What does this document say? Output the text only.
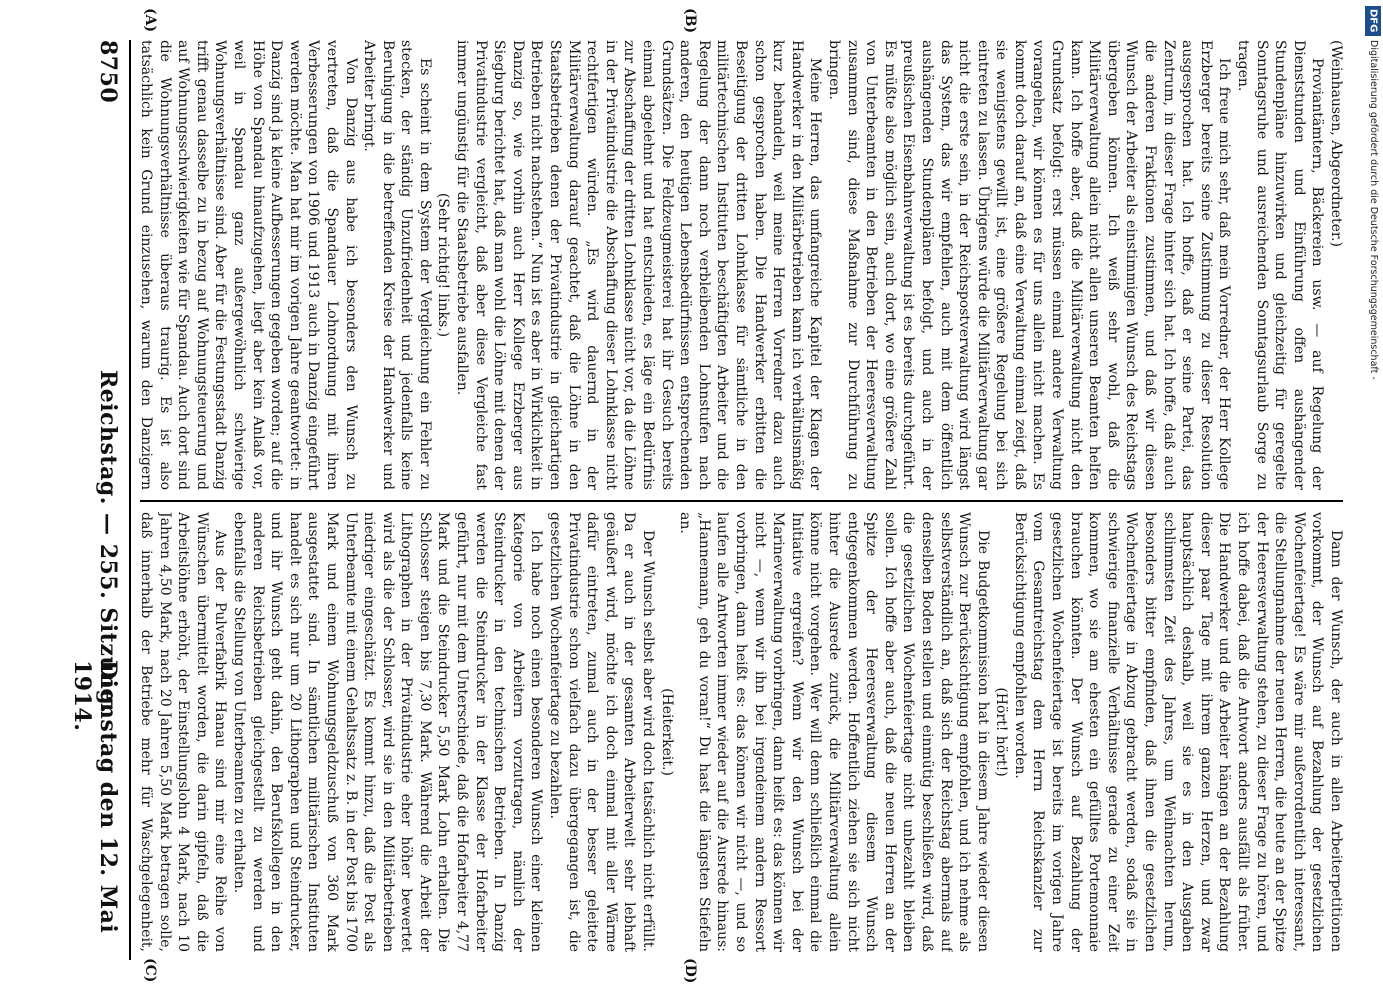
8750
Reichstag. — 255. Sitzung.
Dienstag den 12. Mai 1914.
(A)	(B)
(C)	(D)

(Weinhausen, Abgeordneter.)

Proviantämtern, Bäckereien usw. — auf Regelung der Dienststunden und Einführung offen aushängender Stundenpläne hinzuwirken und gleichzeitig für geregelte Sonntagsruhe und ausreichenden Sonntagsurlaub Sorge zu tragen.

Ich freue mich sehr, daß mein Vorredner, der Herr Kollege Erzberger bereits seine Zustimmung zu dieser Resolution ausgesprochen hat. Ich hoffe, daß er seine Partei, das Zentrum, in dieser Frage hinter sich hat. Ich hoffe, daß auch die anderen Fraktionen zustimmen, und daß wir diesen Wunsch der Arbeiter als einstimmigen Wunsch des Reichstags übergeben können. Ich weiß sehr wohl, daß die Militärverwaltung allein nicht allen unseren Beamten helfen kann. Ich hoffe aber, daß die Militärverwaltung nicht den Grundsatz befolgt: erst müssen einmal andere Verwaltung vorangehen, wir können es für uns allein nicht machen. Es kommt doch darauf an, daß eine Verwaltung einmal zeigt, daß sie wenigstens gewillt ist, eine größere Regelung bei sich eintreten zu lassen. Übrigens würde die Militärverwaltung gar nicht die erste sein, in der Reichspostverwaltung wird längst das System, das wir empfehlen, auch mit dem öffentlich aushängenden Stundenplänen befolgt, und auch in der preußischen Eisenbahnverwaltung ist es bereits durchgeführt. Es müßte also möglich sein, auch dort, wo eine größere Zahl von Unterbeamten in den Betrieben der Heeresverwaltung zusammen sind, diese Maßnahme zur Durchführung zu bringen.

Meine Herren, das umfangreiche Kapitel der Klagen der Handwerker in den Militärbetrieben kann ich verhältnismäßig kurz behandeln, weil meine Herren Vorredner dazu auch schon gesprochen haben. Die Handwerker erbitten die Beseitigung der dritten Lohnklasse für sämtliche in den militärtechnischen Instituten beschäftigten Arbeiter und die Regelung der dann noch verbleibenden Lohnstufen nach anderen, den heutigen Lebensbedürfnissen entsprechenden Grundsätzen. Die Feldzeugmeisterei hat ihr Gesuch bereits einmal abgelehnt und hat entschieden, es läge ein Bedürfnis zur Abschaffung der dritten Lohnklasse nicht vor, da die Löhne in der Privatindustrie die Abschaffung dieser Lohnklasse nicht rechtfertigen würden. „Es wird dauernd in der Militärverwaltung darauf geachtet, daß die Löhne in den Staatsbetrieben denen der Privatindustrie in gleichartigen Betrieben nicht nachstehen.“ Nun ist es aber in Wirklichkeit in Danzig so, wie vorhin auch Herr Kollege Erzberger aus Siegburg berichtet hat, daß man wohl die Löhne mit denen der Privatindustrie vergleicht, daß aber diese Vergleiche fast immer ungünstig für die Staatsbetriebe ausfallen.

(Sehr richtig! links.)

Es scheint in dem System der Vergleichung ein Fehler zu stecken, der ständig Unzufriedenheit und jedenfalls keine Beruhigung in die betreffenden Kreise der Handwerker und Arbeiter bringt.

Von Danzig aus habe ich besonders den Wunsch zu vertreten, daß die Spandauer Lohnordnung mit ihren Verbesserungen von 1906 und 1913 auch in Danzig eingeführt werden möchte. Man hat mir im vorigen Jahre geantwortet: in Danzig sind ja kleine Aufbesserungen gegeben worden; auf die Höhe von Spandau hinaufzugehen, liegt aber kein Anlaß vor, weil in Spandau ganz außergewöhnlich schwierige Wohnungsverhältnisse sind. Aber für die Festungsstadt Danzig trifft genau dasselbe zu in bezug auf Wohnungsteuerung und auf Wohnungsschwierigkeiten wie für Spandau. Auch dort sind die Wohnungsverhältnisse überaus traurig. Es ist also tatsächlich kein Grund einzusehen, warum den Danzigern

Dann der Wunsch, der auch in allen Arbeiterpetitionen vorkommt, der Wunsch auf Bezahlung der gesetzlichen Wochenfeiertage! Es wäre mir außerordentlich interessant, die Stellungnahme der neuen Herren, die heute an der Spitze der Heeresverwaltung stehen, zu dieser Frage zu hören, und ich hoffe dabei, daß die Antwort anders ausfällt als früher. Die Handwerker und die Arbeiter hängen an der Bezahlung dieser paar Tage mit ihrem ganzen Herzen, und zwar hauptsächlich deshalb, weil sie es in den Ausgaben schlimmsten Zeit des Jahres, um Weihnachten herum, besonders bitter empfinden, daß ihnen die gesetzlichen Wochenfeiertage in Abzug gebracht werden, sodaß sie in schwierige finanzielle Verhältnisse gerade zu einer Zeit kommen, wo sie am ehesten ein gefülltes Portemonnaie brauchen könnten. Der Wunsch auf Bezahlung der gesetzlichen Wochenfeiertage ist bereits im vorigen Jahre vom Gesamtreichstag dem Herrn Reichskanzler zur Berücksichtigung empfohlen worden.

(Hört! hört!)

Die Budgetkommission hat in diesem Jahre wieder diesen Wunsch zur Berücksichtigung empfohlen, und ich nehme als selbstverständlich an, daß sich der Reichstag abermals auf denselben Boden stellen und einmütig beschließen wird, daß die gesetzlichen Wochenfeiertage nicht unbezahlt bleiben sollen. Ich hoffe aber auch, daß die neuen Herren an der Spitze der Heeresverwaltung diesem Wunsch entgegenkommen werden. Hoffentlich ziehen sie sich nicht hinter die Ausrede zurück, die Militärverwaltung allein könne nicht vorgehen. Wer will denn schließlich einmal die Initiative ergreifen? Wenn wir den Wunsch bei der Marineverwaltung vorbringen, dann heißt es: das können wir nicht —, wenn wir ihn bei irgendeinem andern Ressort vorbringen, dann heißt es: das können wir nicht —, und so laufen alle Antworten immer wieder auf die Ausrede hinaus: „Hannemann, geh du voran!“ Du hast die längsten Stiefeln an.

(Heiterkeit.)

Der Wunsch selbst aber wird doch tatsächlich nicht erfüllt. Da er auch in der gesamten Arbeiterwelt sehr lebhaft geäußert wird, möchte ich doch einmal mit aller Wärme dafür eintreten, zumal auch in der besser geleitete Privatindustrie schon vielfach dazu übergegangen ist, die gesetzlichen Wochenfeiertage zu bezahlen.

Ich habe noch einen besonderen Wunsch einer kleinen Kategorie von Arbeitern vorzutragen, nämlich der Steindrucker in den technischen Betrieben. In Danzig werden die Steindrucker in der Klasse der Hofarbeiter geführt, nur mit dem Unterschiede, daß die Hofarbeiter 4,77 Mark und die Steindrucker 5,50 Mark Lohn erhalten. Die Schlosser steigen bis 7,30 Mark. Während die Arbeit der Lithographen in der Privatindustrie eher höher bewertet wird als die der Schlosser, wird sie in den Militärbetrieben niedriger eingeschätzt. Es kommt hinzu, daß die Post als Unterbeamte mit einem Gehaltssatz z. B. in der Post bis 1700 Mark und einem Wohnungsgeldzuschuß von 360 Mark ausgestattet sind. In sämtlichen militärischen Instituten handelt es sich nur um 20 Lithographen und Steindrucker, und ihr Wunsch geht dahin, den Berufskollegen in den anderen Reichsbetrieben gleichgestellt zu werden und ebenfalls die Stellung von Unterbeamten zu erhalten.

Aus der Pulverfabrik Hanau sind mir eine Reihe von Wünschen übermittelt worden, die darin gipfeln, daß die Arbeitslöhne erhöht, der Einstellungslohn 4 Mark, nach 10 Jahren 4,50 Mark, nach 20 Jahren 5,50 Mark betragen solle, daß innerhalb der Betriebe mehr für Waschgelegenheit,

DFG
Digitalisierung gefördert durch die Deutsche Forschungsgemeinschaft -
